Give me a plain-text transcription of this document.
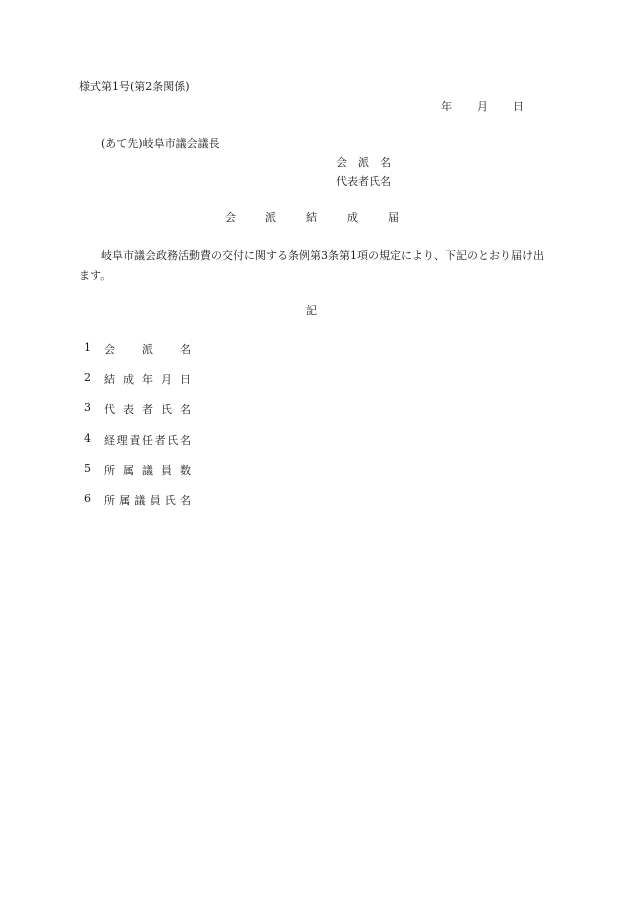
様式第1号(第2条関係)
年 月 日
(あて先)岐阜市議会議長
会　派　名
代表者氏名
会	派	結	成	届
岐阜市議会政務活動費の交付に関する条例第3条第1項の規定により、下記のとおり届け出ます。
記
1 会 派 名
2 結 成 年 月 日
3 代 表 者 氏 名
4 経 理 責 任 者 氏 名
5 所 属 議 員 数
6 所 属 議 員 氏 名
